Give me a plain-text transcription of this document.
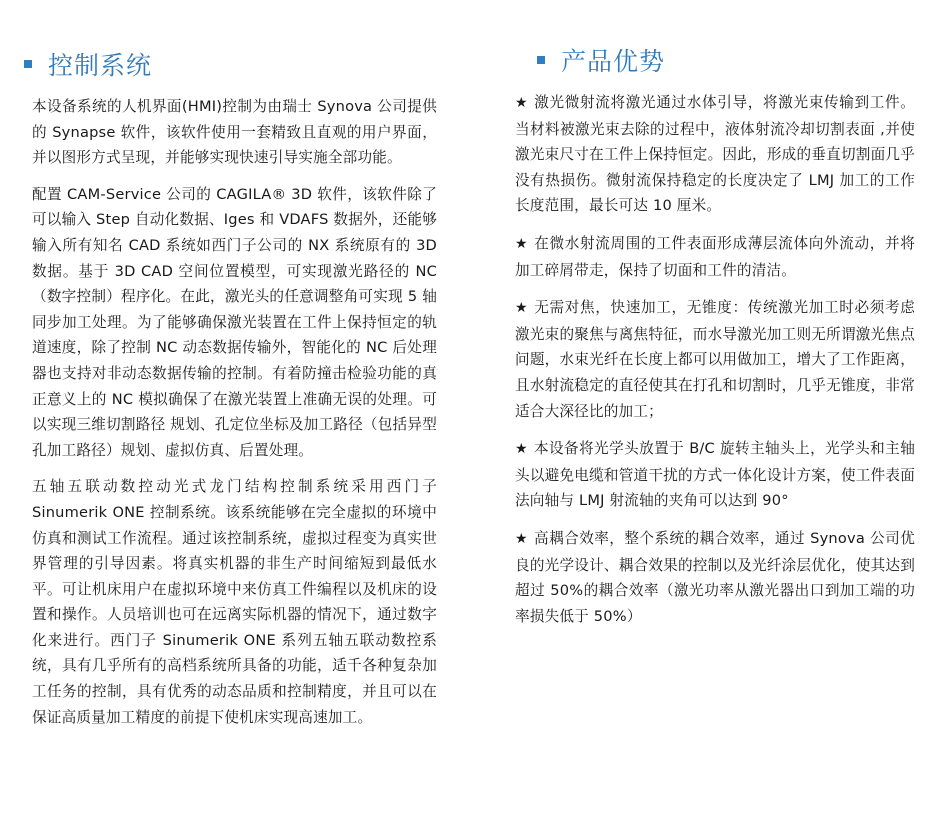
控制系统

本设备系统的人机界面(HMI)控制为由瑞士 Synova 公司提供的 Synapse 软件，该软件使用一套精致且直观的用户界面，并以图形方式呈现，并能够实现快速引导实施全部功能。

配置 CAM-Service 公司的 CAGILA® 3D 软件，该软件除了可以输入 Step 自动化数据、Iges 和 VDAFS 数据外，还能够输入所有知名 CAD 系统如西门子公司的 NX 系统原有的 3D 数据。基于 3D CAD 空间位置模型，可实现激光路径的 NC（数字控制）程序化。在此，激光头的任意调整角可实现 5 轴同步加工处理。为了能够确保激光装置在工件上保持恒定的轨道速度，除了控制 NC 动态数据传输外，智能化的 NC 后处理器也支持对非动态数据传输的控制。有着防撞击检验功能的真正意义上的 NC 模拟确保了在激光装置上准确无误的处理。可以实现三维切割路径 规划、孔定位坐标及加工路径（包括异型孔加工路径）规划、虚拟仿真、后置处理。

五轴五联动数控动光式龙门结构控制系统采用西门子 Sinumerik ONE 控制系统。该系统能够在完全虚拟的环境中仿真和测试工作流程。通过该控制系统，虚拟过程变为真实世界管理的引导因素。将真实机器的非生产时间缩短到最低水平。可让机床用户在虚拟环境中来仿真工件编程以及机床的设置和操作。人员培训也可在远离实际机器的情况下，通过数字化来进行。西门子 Sinumerik ONE 系列五轴五联动数控系统，具有几乎所有的高档系统所具备的功能，适千各种复杂加工任务的控制，具有优秀的动态品质和控制精度，并且可以在保证高质量加工精度的前提下使机床实现高速加工。

产品优势

★ 激光微射流将激光通过水体引导，将激光束传输到工件。当材料被激光束去除的过程中，液体射流冷却切割表面 ,并使激光束尺寸在工件上保持恒定。因此，形成的垂直切割面几乎没有热损伤。微射流保持稳定的长度决定了 LMJ 加工的工作长度范围，最长可达 10 厘米。

★ 在微水射流周围的工件表面形成薄层流体向外流动，并将加工碎屑带走，保持了切面和工件的清洁。

★ 无需对焦，快速加工，无锥度：传统激光加工时必须考虑激光束的聚焦与离焦特征，而水导激光加工则无所谓激光焦点问题，水束光纤在长度上都可以用做加工，增大了工作距离，且水射流稳定的直径使其在打孔和切割时，几乎无锥度，非常适合大深径比的加工；

★ 本设备将光学头放置于 B/C 旋转主轴头上，光学头和主轴头以避免电缆和管道干扰的方式一体化设计方案，使工件表面法向轴与 LMJ 射流轴的夹角可以达到 90°

★ 高耦合效率，整个系统的耦合效率，通过 Synova 公司优良的光学设计、耦合效果的控制以及光纤涂层优化，使其达到超过 50%的耦合效率（激光功率从激光器出口到加工端的功率损失低于 50%）
